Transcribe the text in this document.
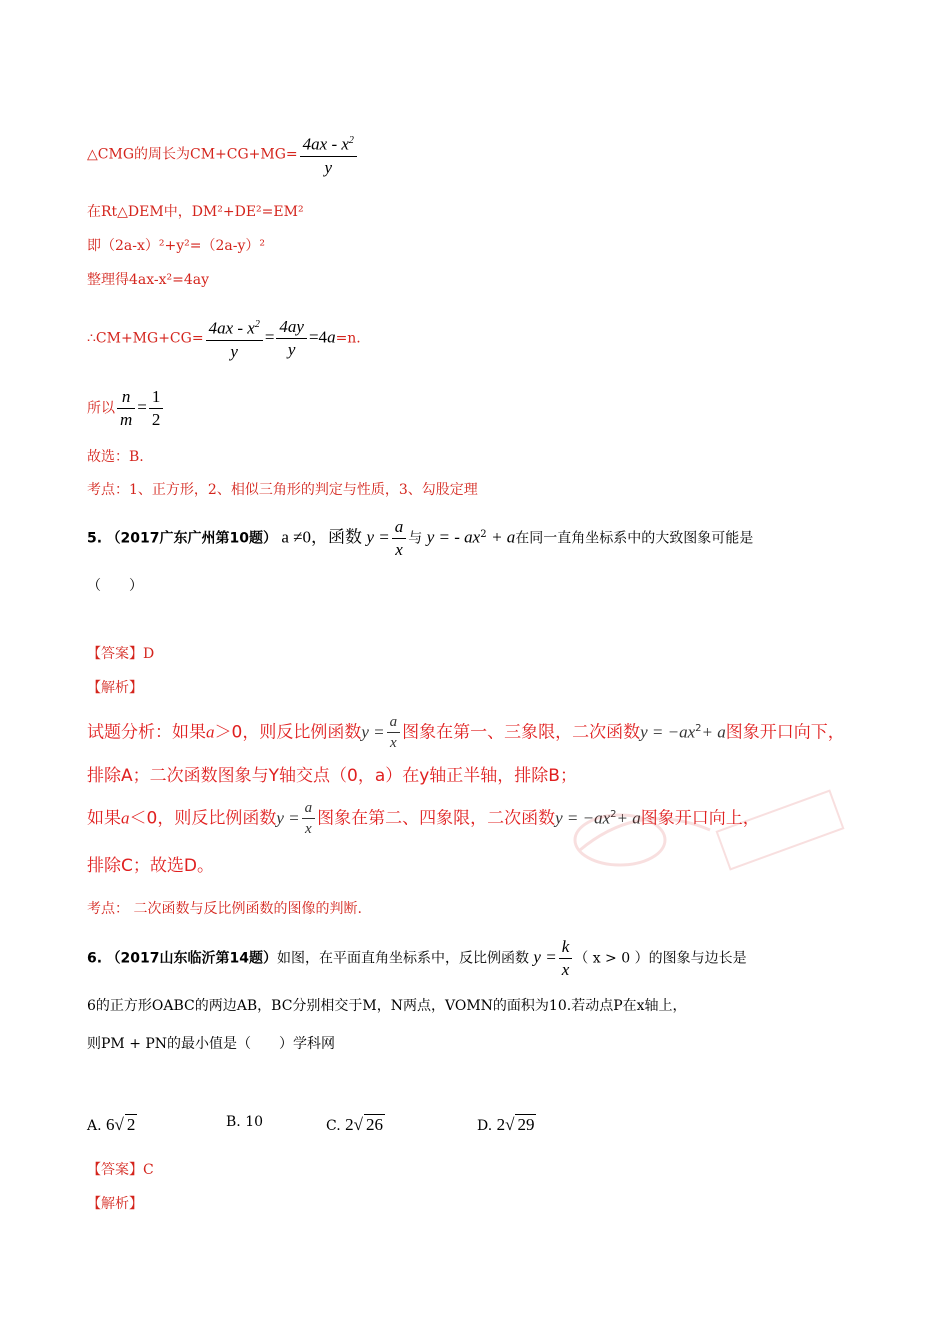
△CMG的周长为$CM+CG+MG= \frac{4ax - x^2}{y}$
在Rt△DEM中，DM²+DE²=EM²
即（2a-x）²+y²=（2a-y）²
整理得4ax-x²=4ay
∴CM+MG+CG= $\frac{4ax - x^2}{y} = \frac{4ay}{y} =4a=n$.
所以 $\frac{n}{m} = \frac{1}{2}$
故选：B.
考点：1、正方形，2、相似三角形的判定与性质，3、勾股定理
5. （2017广东广州第10题） a ≠0，函数 $y = \frac{a}{x}$ 与 y = - $ax^2 + a$在同一直角坐标系中的大致图象可能是
（　　）
【答案】D
【解析】
试题分析：如果a＞0，则反比例函数$y = \frac{a}{x}$ 图象在第一、三象限，二次函数$y = -ax^2+ a$图象开口向下，
排除A；二次函数图象与Y轴交点（0，a）在y轴正半轴，排除B；
如果a＜0，则反比例函数$y = \frac{a}{x}$ 图象在第二、四象限，二次函数$y = -ax^2+ a$图象开口向上，
排除C；故选D。
考点： 二次函数与反比例函数的图像的判断.
6. （2017山东临沂第14题）如图，在平面直角坐标系中，反比例函数 $y = \frac{k}{x}$ （ x > 0 ）的图象与边长是
6的正方形OABC的两边AB，BC分别相交于M，N两点，VOMN的面积为10.若动点P在x轴上，
则PM + PN的最小值是（　　）学科网
A. 6√ 2	B. 10	C. 2√ 26	D. 2√ 29
【答案】C
【解析】
